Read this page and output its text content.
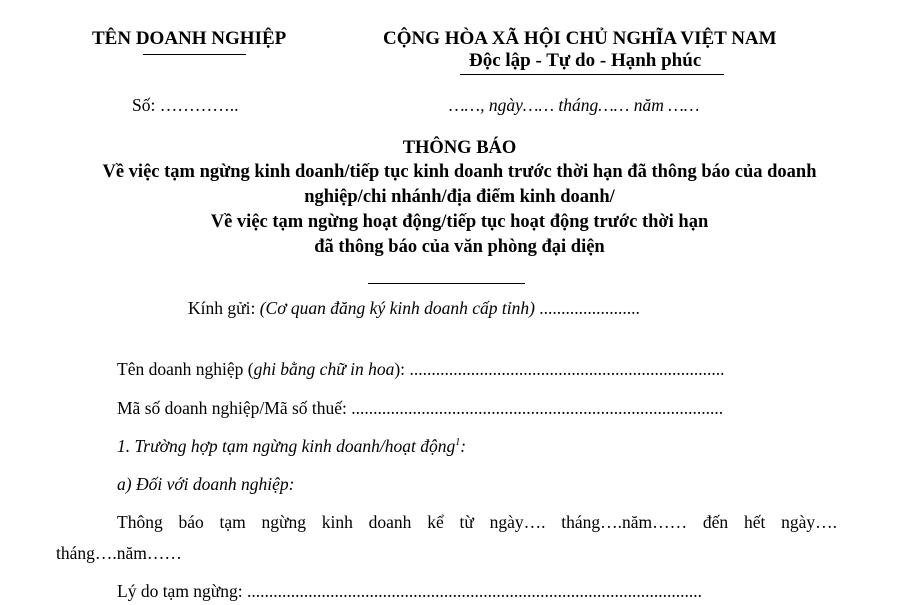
TÊN DOANH NGHIỆP
Số: …………..
CỘNG HÒA XÃ HỘI CHỦ NGHĨA VIỆT NAM
Độc lập - Tự do - Hạnh phúc
……, ngày…… tháng…… năm ……
THÔNG BÁO
Về việc tạm ngừng kinh doanh/tiếp tục kinh doanh trước thời hạn đã thông báo của doanh
nghiệp/chi nhánh/địa điểm kinh doanh/
Về việc tạm ngừng hoạt động/tiếp tục hoạt động trước thời hạn
đã thông báo của văn phòng đại diện
Kính gửi: (Cơ quan đăng ký kinh doanh cấp tỉnh) .......................
Tên doanh nghiệp (ghi bằng chữ in hoa): ........................................................................
Mã số doanh nghiệp/Mã số thuế: .....................................................................................
1. Trường hợp tạm ngừng kinh doanh/hoạt động$^1$:
a) Đối với doanh nghiệp:
Thông báo tạm ngừng kinh doanh kể từ ngày…. tháng….năm…… đến hết ngày….
tháng….năm……
Lý do tạm ngừng: ........................................................................................................
